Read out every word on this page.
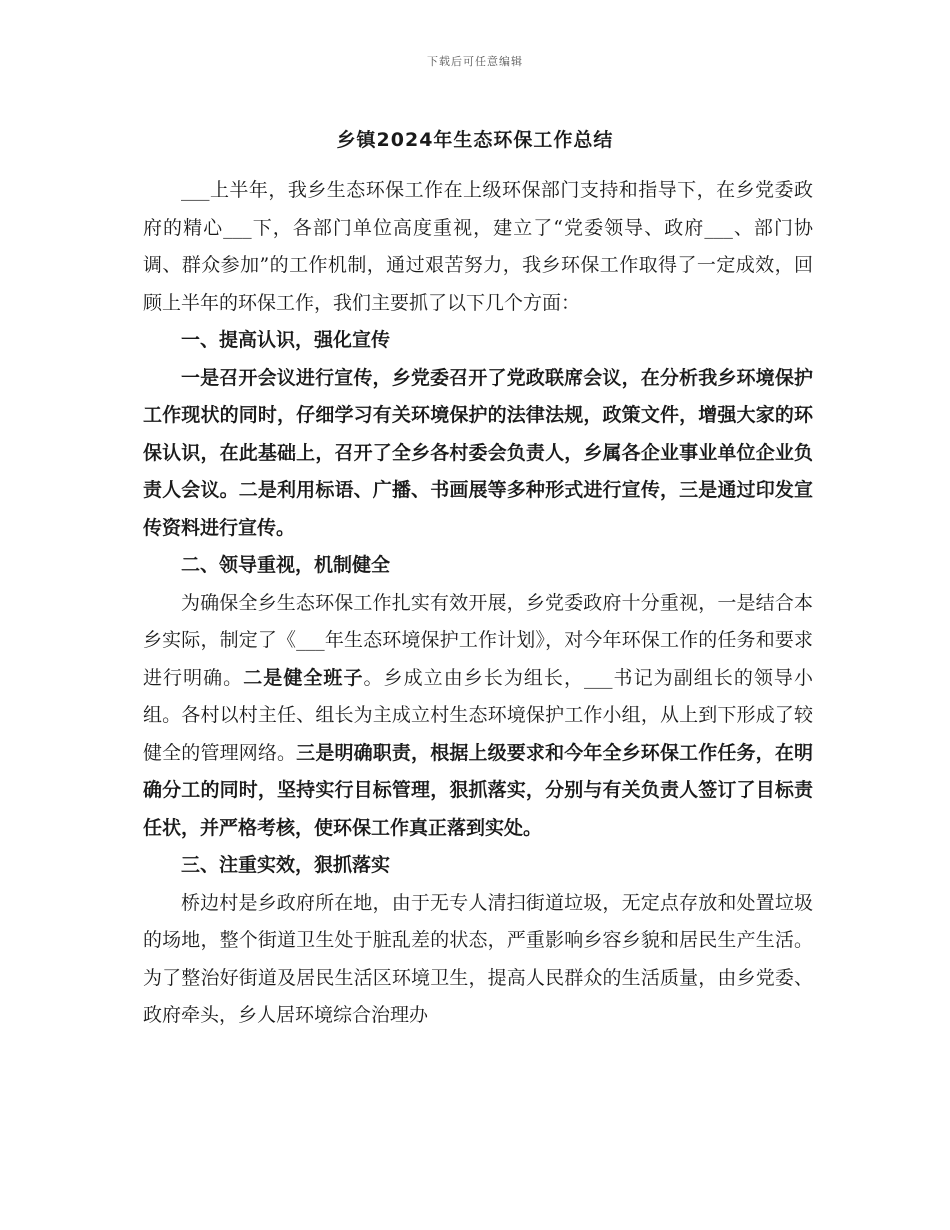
下载后可任意编辑
乡镇2024年生态环保工作总结

___上半年，我乡生态环保工作在上级环保部门支持和指导下，在乡党委政府的精心___下，各部门单位高度重视，建立了“党委领导、政府___、部门协调、群众参加”的工作机制，通过艰苦努力，我乡环保工作取得了一定成效，回顾上半年的环保工作，我们主要抓了以下几个方面：

一、提高认识，强化宣传

一是召开会议进行宣传，乡党委召开了党政联席会议，在分析我乡环境保护工作现状的同时，仔细学习有关环境保护的法律法规，政策文件，增强大家的环保认识，在此基础上，召开了全乡各村委会负责人，乡属各企业事业单位企业负责人会议。二是利用标语、广播、书画展等多种形式进行宣传，三是通过印发宣传资料进行宣传。

二、领导重视，机制健全

为确保全乡生态环保工作扎实有效开展，乡党委政府十分重视，一是结合本乡实际，制定了《___年生态环境保护工作计划》，对今年环保工作的任务和要求进行明确。二是健全班子。乡成立由乡长为组长，___书记为副组长的领导小组。各村以村主任、组长为主成立村生态环境保护工作小组，从上到下形成了较健全的管理网络。三是明确职责，根据上级要求和今年全乡环保工作任务，在明确分工的同时，坚持实行目标管理，狠抓落实，分别与有关负责人签订了目标责任状，并严格考核，使环保工作真正落到实处。

三、注重实效，狠抓落实

桥边村是乡政府所在地，由于无专人清扫街道垃圾，无定点存放和处置垃圾的场地，整个街道卫生处于脏乱差的状态，严重影响乡容乡貌和居民生产生活。为了整治好街道及居民生活区环境卫生，提高人民群众的生活质量，由乡党委、政府牵头，乡人居环境综合治理办
